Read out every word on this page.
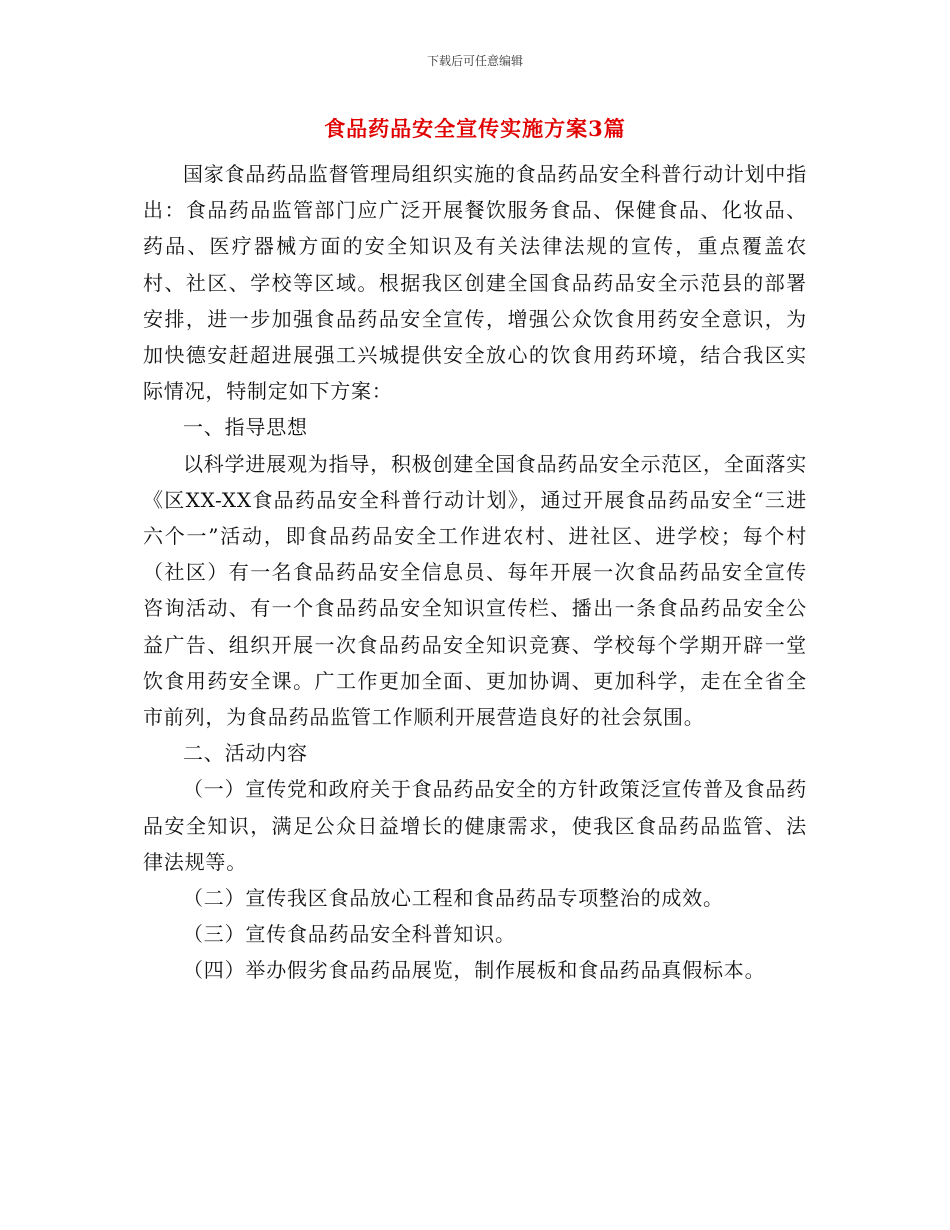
下载后可任意编辑
食品药品安全宣传实施方案3篇

国家食品药品监督管理局组织实施的食品药品安全科普行动计划中指出：食品药品监管部门应广泛开展餐饮服务食品、保健食品、化妆品、药品、医疗器械方面的安全知识及有关法律法规的宣传，重点覆盖农村、社区、学校等区域。根据我区创建全国食品药品安全示范县的部署安排，进一步加强食品药品安全宣传，增强公众饮食用药安全意识，为加快德安赶超进展强工兴城提供安全放心的饮食用药环境，结合我区实际情况，特制定如下方案：

一、指导思想

以科学进展观为指导，积极创建全国食品药品安全示范区，全面落实《区XX-XX食品药品安全科普行动计划》，通过开展食品药品安全“三进六个一”活动，即食品药品安全工作进农村、进社区、进学校；每个村（社区）有一名食品药品安全信息员、每年开展一次食品药品安全宣传咨询活动、有一个食品药品安全知识宣传栏、播出一条食品药品安全公益广告、组织开展一次食品药品安全知识竞赛、学校每个学期开辟一堂饮食用药安全课。广工作更加全面、更加协调、更加科学，走在全省全市前列，为食品药品监管工作顺利开展营造良好的社会氛围。

二、活动内容

（一）宣传党和政府关于食品药品安全的方针政策泛宣传普及食品药品安全知识，满足公众日益增长的健康需求，使我区食品药品监管、法律法规等。

（二）宣传我区食品放心工程和食品药品专项整治的成效。

（三）宣传食品药品安全科普知识。

（四）举办假劣食品药品展览，制作展板和食品药品真假标本。
